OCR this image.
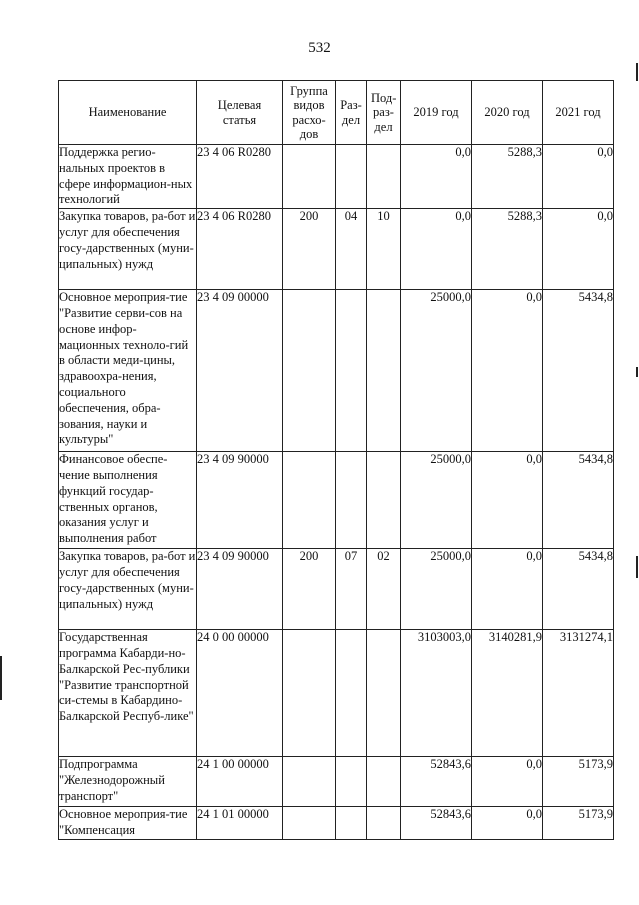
532
Наименование	Целевая статья	Группа видов расхо-дов	Раз-дел	Под-раз-дел	2019 год	2020 год	2021 год
Поддержка регио-нальных проектов в сфере информацион-ных технологий	23 4 06 R0280				0,0	5288,3	0,0
Закупка товаров, ра-бот и услуг для обеспечения госу-дарственных (муни-ципальных) нужд	23 4 06 R0280	200	04	10	0,0	5288,3	0,0
Основное мероприя-тие "Развитие серви-сов на основе инфор-мационных техноло-гий в области меди-цины, здравоохра-нения, социального обеспечения, обра-зования, науки и культуры"	23 4 09 00000				25000,0	0,0	5434,8
Финансовое обеспе-чение выполнения функций государ-ственных органов, оказания услуг и выполнения работ	23 4 09 90000				25000,0	0,0	5434,8
Закупка товаров, ра-бот и услуг для обеспечения госу-дарственных (муни-ципальных) нужд	23 4 09 90000	200	07	02	25000,0	0,0	5434,8
Государственная программа Кабарди-но-Балкарской Рес-публики "Развитие транспортной си-стемы в Кабардино-Балкарской Респуб-лике"	24 0 00 00000				3103003,0	3140281,9	3131274,1
Подпрограмма "Железнодорожный транспорт"	24 1 00 00000				52843,6	0,0	5173,9
Основное мероприя-тие "Компенсация	24 1 01 00000				52843,6	0,0	5173,9
